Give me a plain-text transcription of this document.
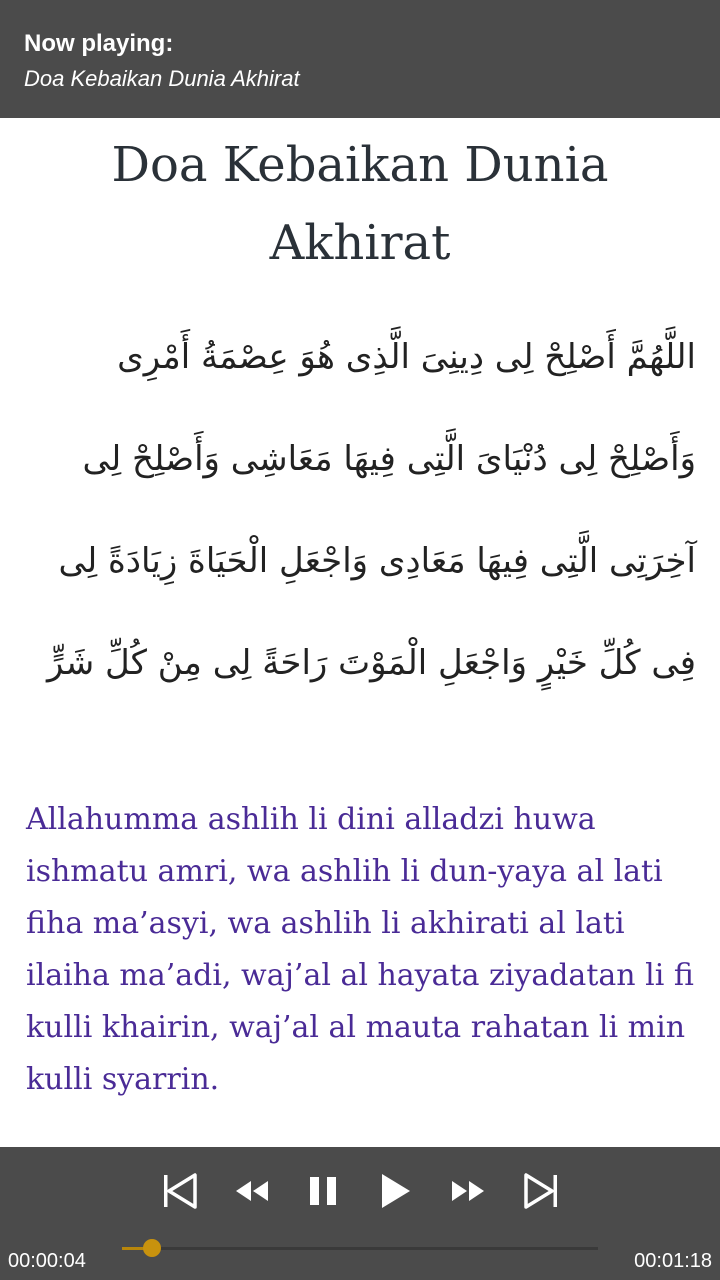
Now playing:
Doa Kebaikan Dunia Akhirat
Doa Kebaikan Dunia Akhirat
اللَّهُمَّ أَصْلِحْ لِى دِينِىَ الَّذِى هُوَ عِصْمَةُ أَمْرِى وَأَصْلِحْ لِى دُنْيَاىَ الَّتِى فِيهَا مَعَاشِى وَأَصْلِحْ لِى آخِرَتِى الَّتِى فِيهَا مَعَادِى وَاجْعَلِ الْحَيَاةَ زِيَادَةً لِى فِى كُلِّ خَيْرٍ وَاجْعَلِ الْمَوْتَ رَاحَةً لِى مِنْ كُلِّ شَرٍّ
Allahumma ashlih li dini alladzi huwa ishmatu amri, wa ashlih li dun-yaya al lati fiha ma’asyi, wa ashlih li akhirati al lati ilaiha ma’adi, waj’al al hayata ziyadatan li fi kulli khairin, waj’al al mauta rahatan li min kulli syarrin.
00:00:04	00:01:18
